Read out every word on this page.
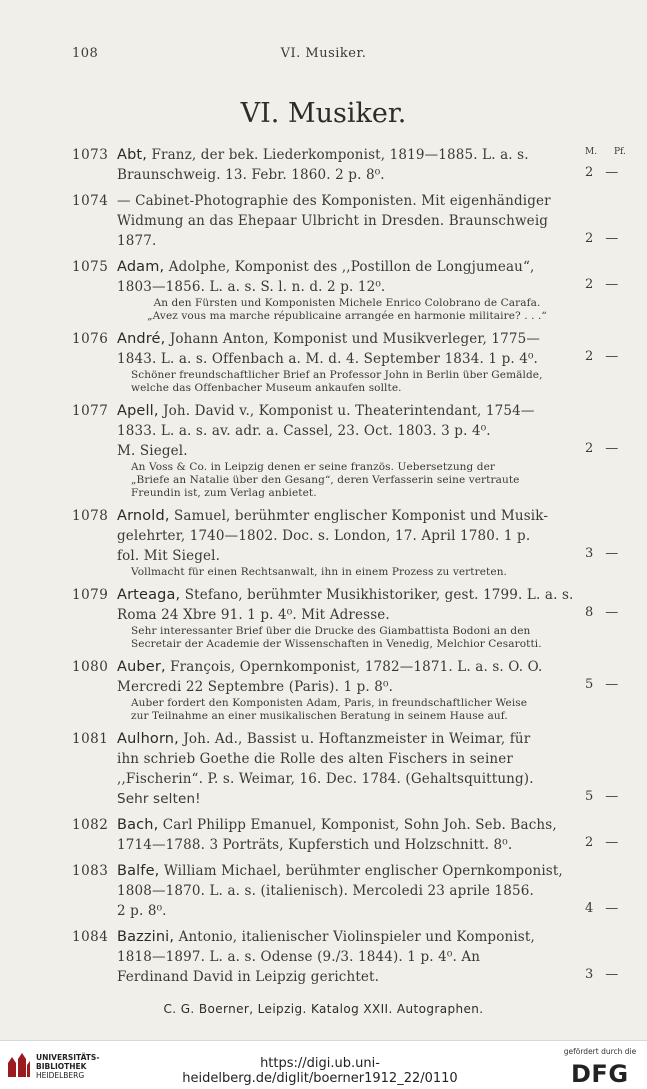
108	VI. Musiker.
VI. Musiker.
M. Pf.
1073 Abt, Franz, der bek. Liederkomponist, 1819—1885. L. a. s.
Braunschweig. 13. Febr. 1860. 2 p. 8⁰.	2 —
1074 — Cabinet-Photographie des Komponisten. Mit eigenhändiger
Widmung an das Ehepaar Ulbricht in Dresden. Braunschweig
1877.	2 —
1075 Adam, Adolphe, Komponist des ,,Postillon de Longjumeau“,
1803—1856. L. a. s. S. l. n. d. 2 p. 12⁰.
An den Fürsten und Komponisten Michele Enrico Colobrano de Carafa.
„Avez vous ma marche républicaine arrangée en harmonie militaire? . . .“
2 —
1076 André, Johann Anton, Komponist und Musikverleger, 1775—
1843. L. a. s. Offenbach a. M. d. 4. September 1834. 1 p. 4⁰.
Schöner freundschaftlicher Brief an Professor John in Berlin über Gemälde,
welche das Offenbacher Museum ankaufen sollte.
2 —
1077 Apell, Joh. David v., Komponist u. Theaterintendant, 1754—
1833. L. a. s. av. adr. a. Cassel, 23. Oct. 1803. 3 p. 4⁰.
M. Siegel.
An Voss & Co. in Leipzig denen er seine französ. Uebersetzung der
„Briefe an Natalie über den Gesang“, deren Verfasserin seine vertraute
Freundin ist, zum Verlag anbietet.
2 —
1078 Arnold, Samuel, berühmter englischer Komponist und Musik-
gelehrter, 1740—1802. Doc. s. London, 17. April 1780. 1 p.
fol. Mit Siegel.
Vollmacht für einen Rechtsanwalt, ihn in einem Prozess zu vertreten.
3 —
1079 Arteaga, Stefano, berühmter Musikhistoriker, gest. 1799. L. a. s.
Roma 24 Xbre 91. 1 p. 4⁰. Mit Adresse.
Sehr interessanter Brief über die Drucke des Giambattista Bodoni an den
Secretair der Academie der Wissenschaften in Venedig, Melchior Cesarotti.
8 —
1080 Auber, François, Opernkomponist, 1782—1871. L. a. s. O. O.
Mercredi 22 Septembre (Paris). 1 p. 8⁰.
Auber fordert den Komponisten Adam, Paris, in freundschaftlicher Weise
zur Teilnahme an einer musikalischen Beratung in seinem Hause auf.
5 —
1081 Aulhorn, Joh. Ad., Bassist u. Hoftanzmeister in Weimar, für
ihn schrieb Goethe die Rolle des alten Fischers in seiner
,,Fischerin“. P. s. Weimar, 16. Dec. 1784. (Gehaltsquittung).
Sehr selten!	5 —
1082 Bach, Carl Philipp Emanuel, Komponist, Sohn Joh. Seb. Bachs,
1714—1788. 3 Porträts, Kupferstich und Holzschnitt. 8⁰.	2 —
1083 Balfe, William Michael, berühmter englischer Opernkomponist,
1808—1870. L. a. s. (italienisch). Mercoledi 23 aprile 1856.
2 p. 8⁰.	4 —
1084 Bazzini, Antonio, italienischer Violinspieler und Komponist,
1818—1897. L. a. s. Odense (9./3. 1844). 1 p. 4⁰. An
Ferdinand David in Leipzig gerichtet.	3 —
C. G. Boerner, Leipzig. Katalog XXII. Autographen.
UNIVERSITÄTS-
BIBLIOTHEK
HEIDELBERG
https://digi.ub.uni-heidelberg.de/diglit/boerner1912_22/0110
gefördert durch die
DFG
